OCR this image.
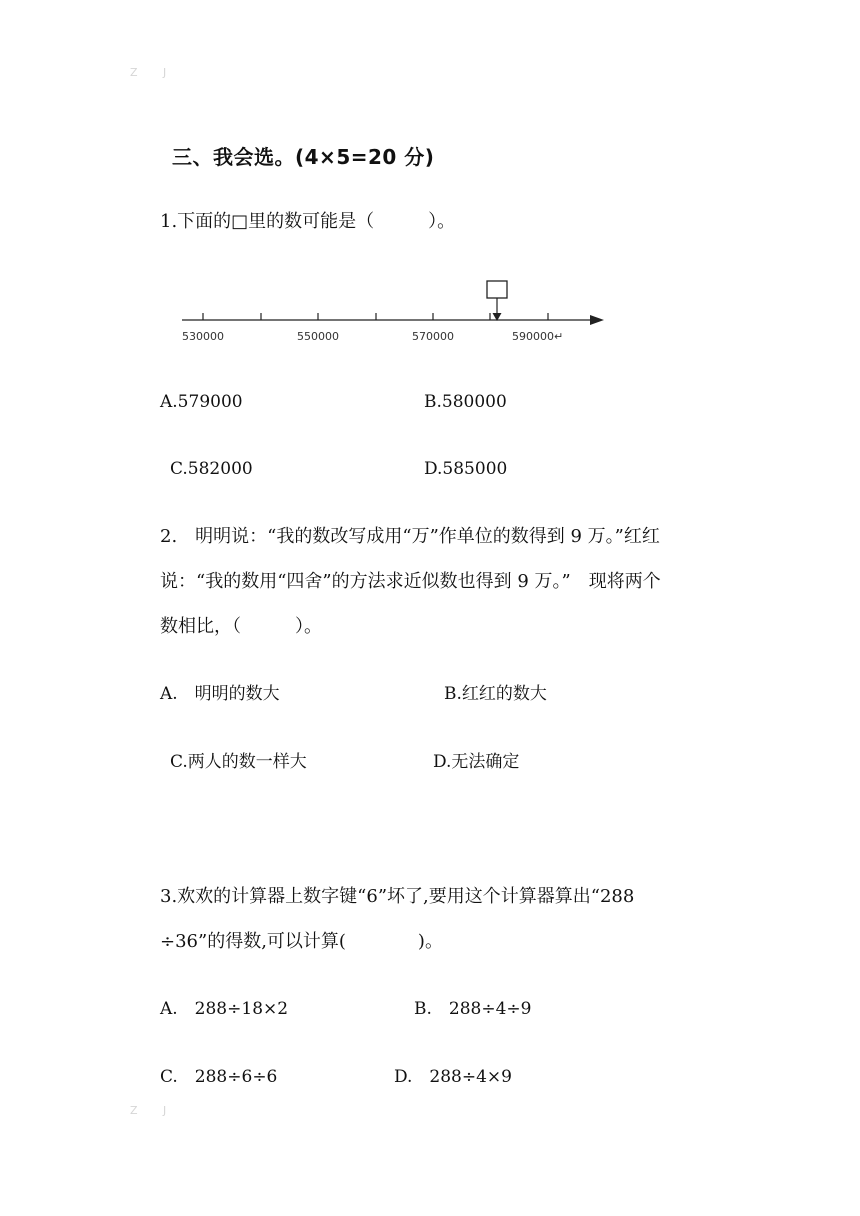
Z J
三、我会选。(4×5=20 分)
1.下面的□里的数可能是（　　　）。
530000	550000	570000	590000↵
A.579000	B.580000
C.582000	D.585000
2.　明明说：“我的数改写成用“万”作单位的数得到 9 万。”红红
说：“我的数用“四舍”的方法求近似数也得到 9 万。”　现将两个
数相比，（　　　）。
A.　明明的数大	B.红红的数大
C.两人的数一样大	D.无法确定
3.欢欢的计算器上数字键“6”坏了,要用这个计算器算出“288
÷36”的得数,可以计算(　　　　)。
A.　288÷18×2	B.　288÷4÷9
C.　288÷6÷6	D.　288÷4×9
Z J
